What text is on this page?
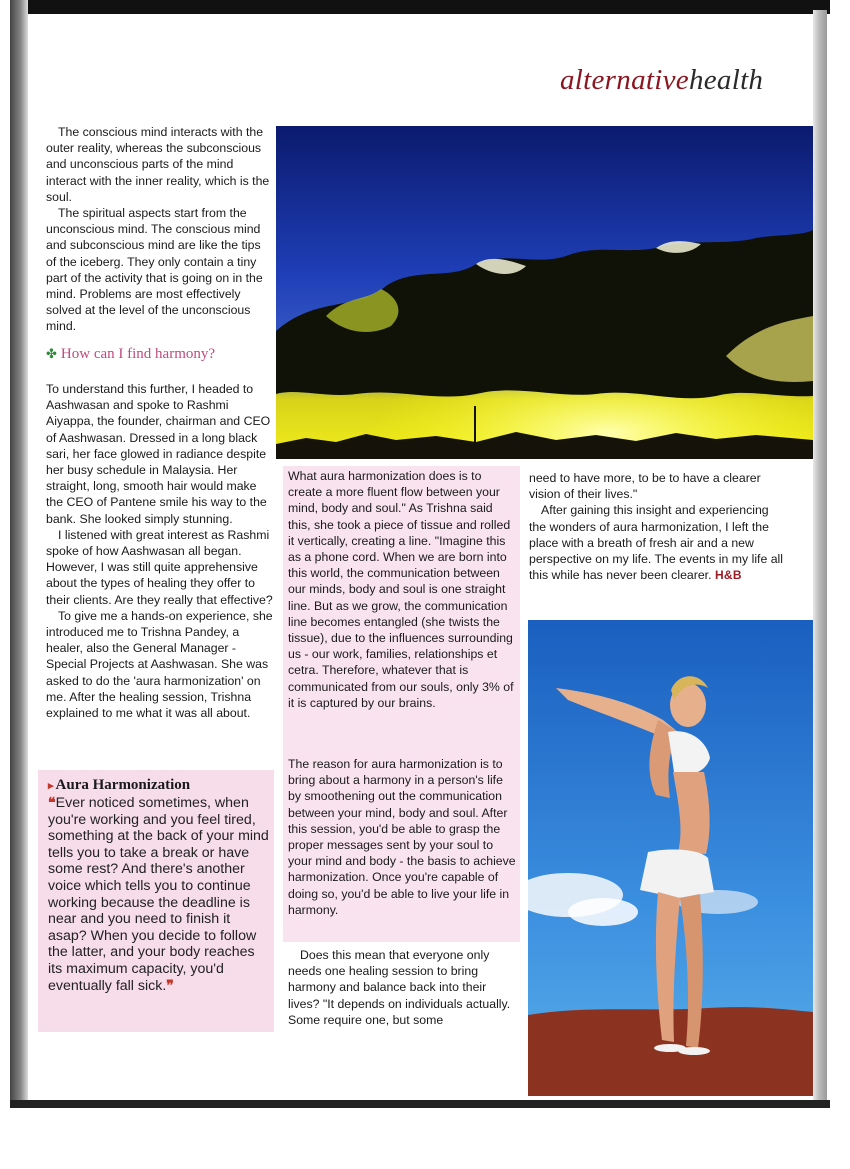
alternativehealth
The conscious mind interacts with the outer reality, whereas the subconscious and unconscious parts of the mind interact with the inner reality, which is the soul.
The spiritual aspects start from the unconscious mind. The conscious mind and subconscious mind are like the tips of the iceberg. They only contain a tiny part of the activity that is going on in the mind. Problems are most effectively solved at the level of the unconscious mind.
✤ How can I find harmony?
To understand this further, I headed to Aashwasan and spoke to Rashmi Aiyappa, the founder, chairman and CEO of Aashwasan. Dressed in a long black sari, her face glowed in radiance despite her busy schedule in Malaysia. Her straight, long, smooth hair would make the CEO of Pantene smile his way to the bank. She looked simply stunning.
I listened with great interest as Rashmi spoke of how Aashwasan all began. However, I was still quite apprehensive about the types of healing they offer to their clients. Are they really that effective?
To give me a hands-on experience, she introduced me to Trishna Pandey, a healer, also the General Manager - Special Projects at Aashwasan. She was asked to do the 'aura harmonization' on me. After the healing session, Trishna explained to me what it was all about.
▸ Aura Harmonization
❝Ever noticed sometimes, when you're working and you feel tired, something at the back of your mind tells you to take a break or have some rest? And there's another voice which tells you to continue working because the deadline is near and you need to finish it asap? When you decide to follow the latter, and your body reaches its maximum capacity, you'd eventually fall sick.❞
What aura harmonization does is to create a more fluent flow between your mind, body and soul." As Trishna said this, she took a piece of tissue and rolled it vertically, creating a line. "Imagine this as a phone cord. When we are born into this world, the communication between our minds, body and soul is one straight line. But as we grow, the communication line becomes entangled (she twists the tissue), due to the influences surrounding us - our work, families, relationships et cetra. Therefore, whatever that is communicated from our souls, only 3% of it is captured by our brains.
The reason for aura harmonization is to bring about a harmony in a person's life by smoothening out the communication between your mind, body and soul. After this session, you'd be able to grasp the proper messages sent by your soul to your mind and body - the basis to achieve harmonization. Once you're capable of doing so, you'd be able to live your life in harmony.
Does this mean that everyone only needs one healing session to bring harmony and balance back into their lives? "It depends on individuals actually. Some require one, but some
need to have more, to be to have a clearer vision of their lives."
After gaining this insight and experiencing the wonders of aura harmonization, I left the place with a breath of fresh air and a new perspective on my life. The events in my life all this while has never been clearer. H&B
